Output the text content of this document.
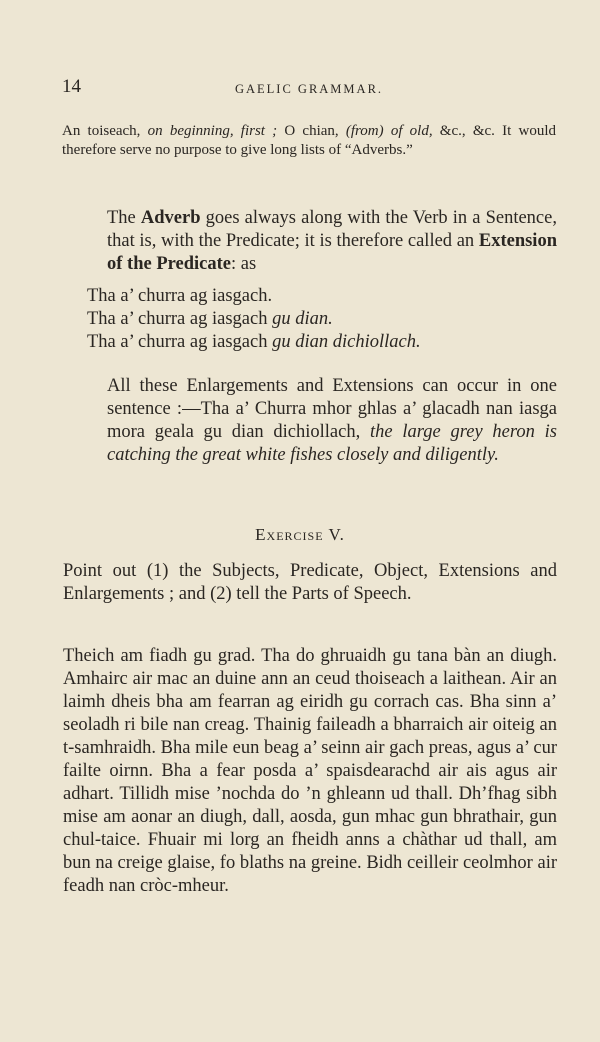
14	GAELIC GRAMMAR.

An toiseach, on beginning, first ; O chian, (from) of old, &c., &c. It would therefore serve no purpose to give long lists of “Adverbs.”

The Adverb goes always along with the Verb in a Sentence, that is, with the Predicate; it is therefore called an Extension of the Predicate: as

Tha a’ churra ag iasgach.
Tha a’ churra ag iasgach gu dian.
Tha a’ churra ag iasgach gu dian dichiollach.

All these Enlargements and Extensions can occur in one sentence :—Tha a’ Churra mhor ghlas a’ glacadh nan iasga mora geala gu dian dichiollach, the large grey heron is catching the great white fishes closely and diligently.

Exercise V.

Point out (1) the Subjects, Predicate, Object, Extensions and Enlargements ; and (2) tell the Parts of Speech.

Theich am fiadh gu grad. Tha do ghruaidh gu tana bàn an diugh. Amhairc air mac an duine ann an ceud thoiseach a laithean. Air an laimh dheis bha am fearran ag eiridh gu corrach cas. Bha sinn a’ seoladh ri bile nan creag. Thainig faileadh a bharraich air oiteig an t-samhraidh. Bha mile eun beag a’ seinn air gach preas, agus a’ cur failte oirnn. Bha a fear posda a’ spaisdearachd air ais agus air adhart. Tillidh mise ’nochda do ’n ghleann ud thall. Dh’fhag sibh mise am aonar an diugh, dall, aosda, gun mhac gun bhrathair, gun chul-taice. Fhuair mi lorg an fheidh anns a chàthar ud thall, am bun na creige glaise, fo blaths na greine. Bidh ceilleir ceolmhor air feadh nan cròc-mheur.
